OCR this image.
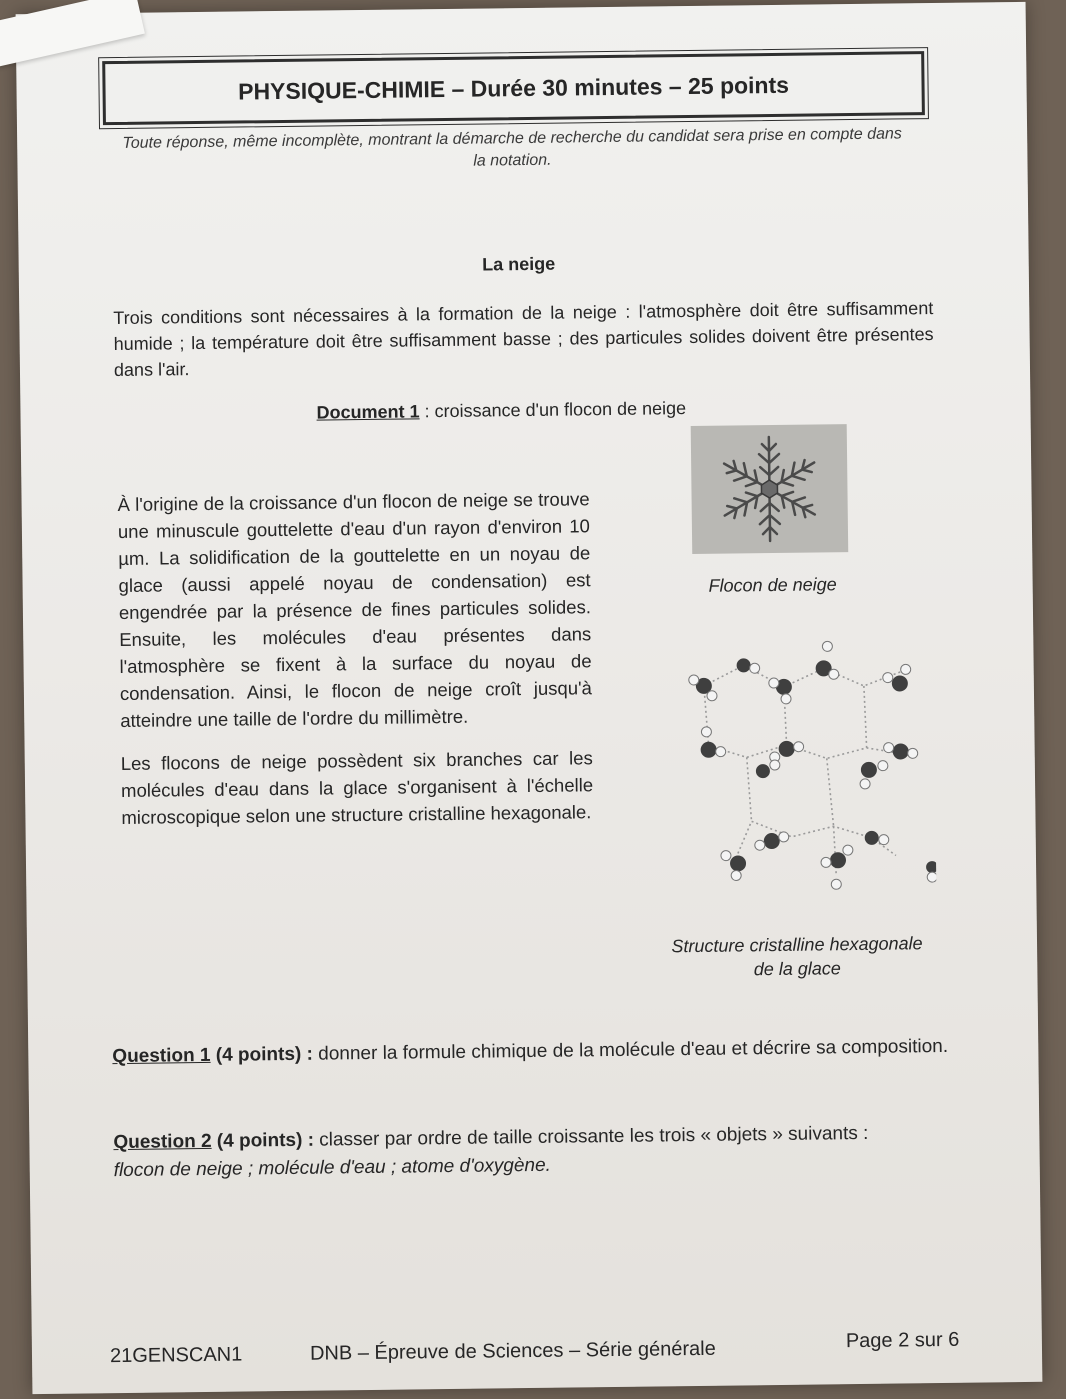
PHYSIQUE-CHIMIE – Durée 30 minutes – 25 points
Toute réponse, même incomplète, montrant la démarche de recherche du candidat sera prise en compte dans la notation.
La neige
Trois conditions sont nécessaires à la formation de la neige : l'atmosphère doit être suffisamment humide ; la température doit être suffisamment basse ; des particules solides doivent être présentes dans l'air.
Document 1 : croissance d'un flocon de neige

À l'origine de la croissance d'un flocon de neige se trouve une minuscule gouttelette d'eau d'un rayon d'environ 10 µm. La solidification de la gouttelette en un noyau de glace (aussi appelé noyau de condensation) est engendrée par la présence de fines particules solides. Ensuite, les molécules d'eau présentes dans l'atmosphère se fixent à la surface du noyau de condensation. Ainsi, le flocon de neige croît jusqu'à atteindre une taille de l'ordre du millimètre.

Les flocons de neige possèdent six branches car les molécules d'eau dans la glace s'organisent à l'échelle microscopique selon une structure cristalline hexagonale.

Flocon de neige
Structure cristalline hexagonale
de la glace
Question 1 (4 points) : donner la formule chimique de la molécule d'eau et décrire sa composition.
Question 2 (4 points) : classer par ordre de taille croissante les trois « objets » suivants :
flocon de neige ; molécule d'eau ; atome d'oxygène.
21GENSCAN1	DNB – Épreuve de Sciences – Série générale	Page 2 sur 6
